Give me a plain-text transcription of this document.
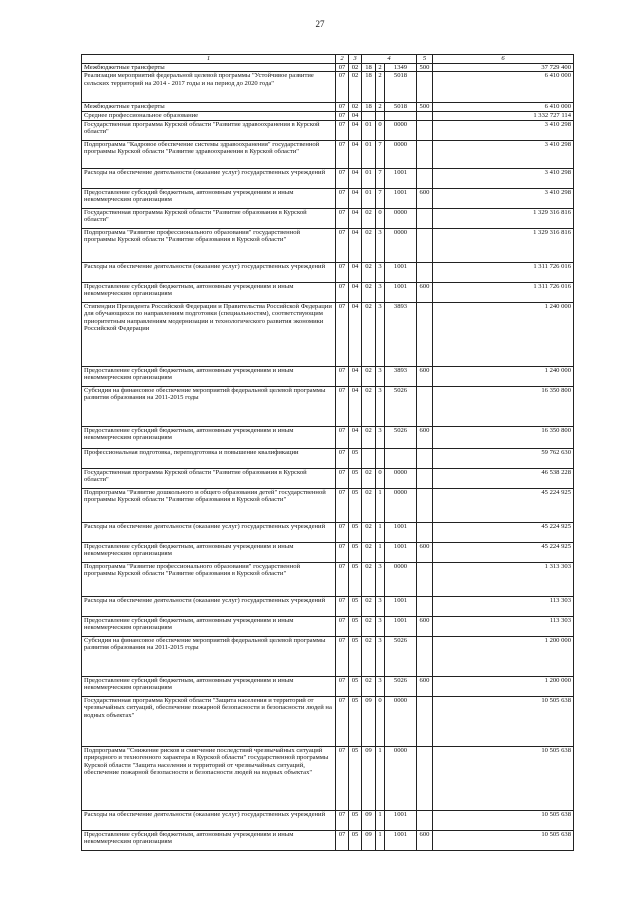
27
1	2	3	4			5	6
Межбюджетные трансферты	07	02	18	2	1349	500	37 729 400
Реализация мероприятий федеральной целевой программы "Устойчивое развитие сельских территорий на 2014 - 2017 годы и на период до 2020 года"	07	02	18	2	5018		6 410 000
Межбюджетные трансферты	07	02	18	2	5018	500	6 410 000
Среднее профессиональное образование	07	04					1 332 727 114
Государственная программа Курской области "Развитие здравоохранения в Курской области"	07	04	01	0	0000		3 410 298
Подпрограмма "Кадровое обеспечение системы здравоохранения" государственной программы Курской области "Развитие здравоохранения в Курской области"	07	04	01	7	0000		3 410 298
Расходы на обеспечение деятельности (оказание услуг) государственных учреждений	07	04	01	7	1001		3 410 298
Предоставление субсидий бюджетным, автономным учреждениям и иным некоммерческим организациям	07	04	01	7	1001	600	3 410 298
Государственная программа Курской области "Развитие образования в Курской области"	07	04	02	0	0000		1 329 316 816
Подпрограмма "Развитие профессионального образования" государственной программы Курской области "Развитие образования в Курской области"	07	04	02	3	0000		1 329 316 816
Расходы на обеспечение деятельности (оказание услуг) государственных учреждений	07	04	02	3	1001		1 311 726 016
Предоставление субсидий бюджетным, автономным учреждениям и иным некоммерческим организациям	07	04	02	3	1001	600	1 311 726 016
Стипендии Президента Российской Федерации и Правительства Российской Федерации для обучающихся по направлениям подготовки (специальностям), соответствующим приоритетным направлениям модернизации и технологического развития экономики Российской Федерации	07	04	02	3	3893		1 240 000
Предоставление субсидий бюджетным, автономным учреждениям и иным некоммерческим организациям	07	04	02	3	3893	600	1 240 000
Субсидия на финансовое обеспечение мероприятий федеральной целевой программы развития образования на 2011-2015 годы	07	04	02	3	5026		16 350 800
Предоставление субсидий бюджетным, автономным учреждениям и иным некоммерческим организациям	07	04	02	3	5026	600	16 350 800
Профессиональная подготовка, переподготовка и повышение квалификации	07	05					59 762 630
Государственная программа Курской области "Развитие образования в Курской области"	07	05	02	0	0000		46 538 228
Подпрограмма "Развитие дошкольного и общего образования детей" государственной программы Курской области "Развитие образования в Курской области"	07	05	02	1	0000		45 224 925
Расходы на обеспечение деятельности (оказание услуг) государственных учреждений	07	05	02	1	1001		45 224 925
Предоставление субсидий бюджетным, автономным учреждениям и иным некоммерческим организациям	07	05	02	1	1001	600	45 224 925
Подпрограмма "Развитие профессионального образования" государственной программы Курской области "Развитие образования в Курской области"	07	05	02	3	0000		1 313 303
Расходы на обеспечение деятельности (оказание услуг) государственных учреждений	07	05	02	3	1001		113 303
Предоставление субсидий бюджетным, автономным учреждениям и иным некоммерческим организациям	07	05	02	3	1001	600	113 303
Субсидия на финансовое обеспечение мероприятий федеральной целевой программы развития образования на 2011-2015 годы	07	05	02	3	5026		1 200 000
Предоставление субсидий бюджетным, автономным учреждениям и иным некоммерческим организациям	07	05	02	3	5026	600	1 200 000
Государственная программа Курской области "Защита населения и территорий от чрезвычайных ситуаций, обеспечение пожарной безопасности и безопасности людей на водных объектах"	07	05	09	0	0000		10 505 638
Подпрограмма "Снижение рисков и смягчение последствий чрезвычайных ситуаций природного и техногенного характера в Курской области" государственной программы Курской области "Защита населения и территорий от чрезвычайных ситуаций, обеспечение пожарной безопасности и безопасности людей на водных объектах"	07	05	09	1	0000		10 505 638
Расходы на обеспечение деятельности (оказание услуг) государственных учреждений	07	05	09	1	1001		10 505 638
Предоставление субсидий бюджетным, автономным учреждениям и иным некоммерческим организациям	07	05	09	1	1001	600	10 505 638
